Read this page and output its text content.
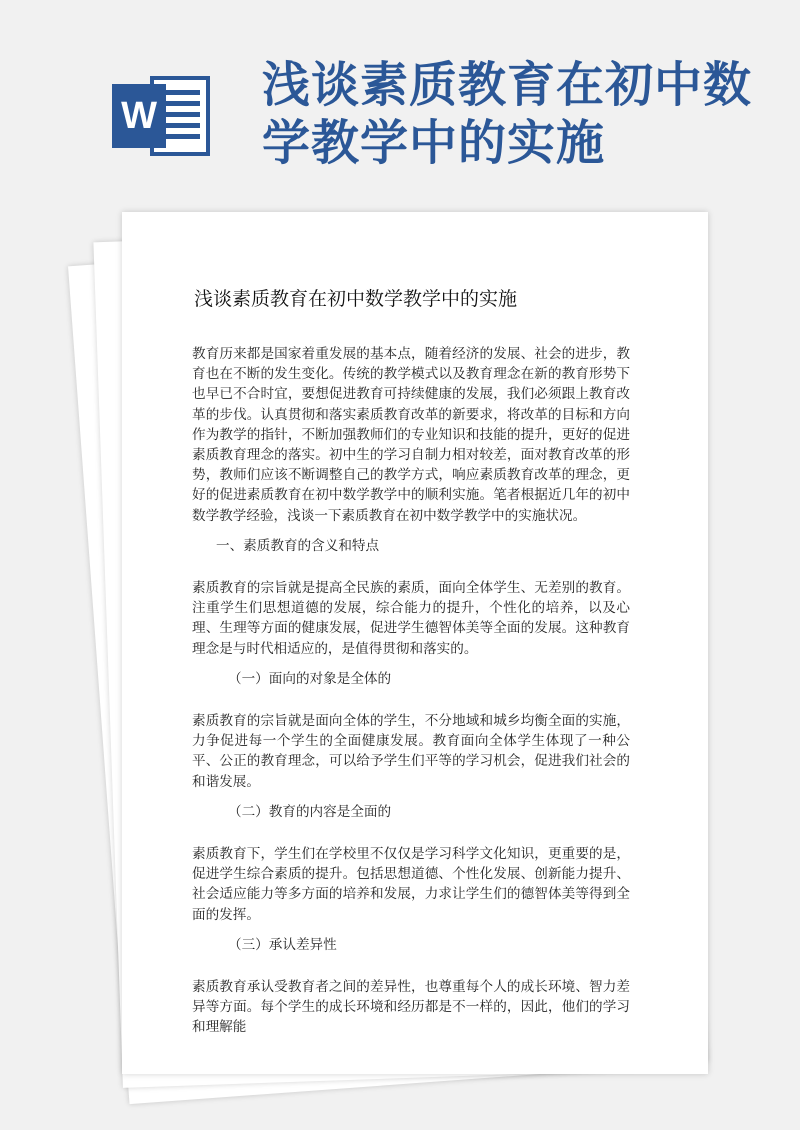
W
浅谈素质教育在初中数
学教学中的实施
浅谈素质教育在初中数学教学中的实施

教育历来都是国家着重发展的基本点，随着经济的发展、社会的进步，教育也在不断的发生变化。传统的教学模式以及教育理念在新的教育形势下也早已不合时宜，要想促进教育可持续健康的发展，我们必须跟上教育改革的步伐。认真贯彻和落实素质教育改革的新要求，将改革的目标和方向作为教学的指针，不断加强教师们的专业知识和技能的提升，更好的促进素质教育理念的落实。初中生的学习自制力相对较差，面对教育改革的形势，教师们应该不断调整自己的教学方式，响应素质教育改革的理念，更好的促进素质教育在初中数学教学中的顺利实施。笔者根据近几年的初中数学教学经验，浅谈一下素质教育在初中数学教学中的实施状况。

一、素质教育的含义和特点

素质教育的宗旨就是提高全民族的素质，面向全体学生、无差别的教育。注重学生们思想道德的发展，综合能力的提升，个性化的培养，以及心理、生理等方面的健康发展，促进学生德智体美等全面的发展。这种教育理念是与时代相适应的，是值得贯彻和落实的。

（一）面向的对象是全体的

素质教育的宗旨就是面向全体的学生，不分地域和城乡均衡全面的实施，力争促进每一个学生的全面健康发展。教育面向全体学生体现了一种公平、公正的教育理念，可以给予学生们平等的学习机会，促进我们社会的和谐发展。

（二）教育的内容是全面的

素质教育下，学生们在学校里不仅仅是学习科学文化知识，更重要的是，促进学生综合素质的提升。包括思想道德、个性化发展、创新能力提升、社会适应能力等多方面的培养和发展，力求让学生们的德智体美等得到全面的发挥。

（三）承认差异性

素质教育承认受教育者之间的差异性，也尊重每个人的成长环境、智力差异等方面。每个学生的成长环境和经历都是不一样的，因此，他们的学习和理解能
